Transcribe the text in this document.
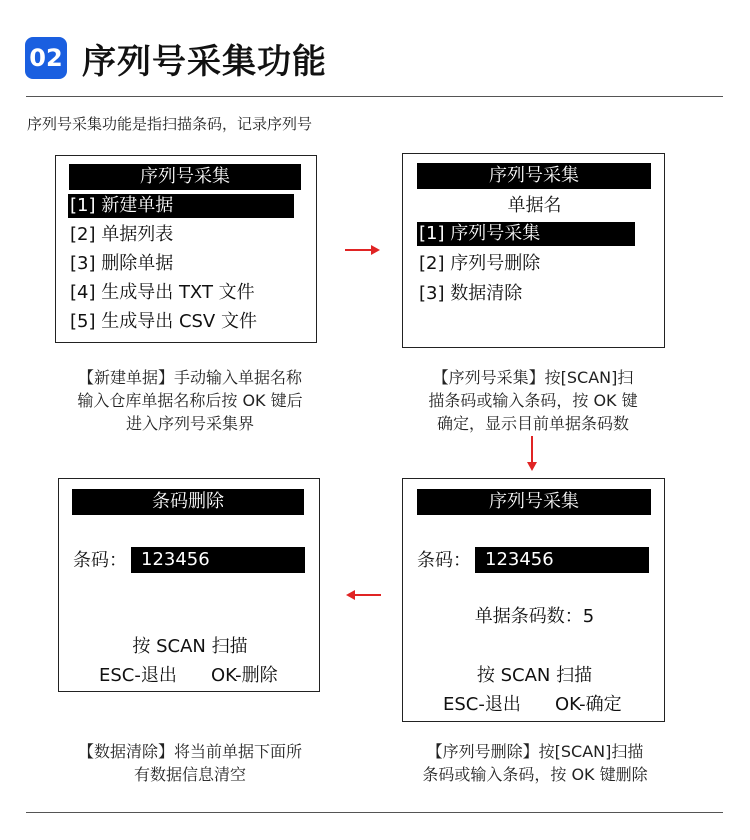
02 序列号采集功能
序列号采集功能是指扫描条码，记录序列号
序列号采集
[1] 新建单据
[2] 单据列表
[3] 删除单据
[4] 生成导出 TXT 文件
[5] 生成导出 CSV 文件
序列号采集
单据名
[1] 序列号采集
[2] 序列号删除
[3] 数据清除
【新建单据】手动输入单据名称
输入仓库单据名称后按 OK 键后
进入序列号采集界
【序列号采集】按[SCAN]扫
描条码或输入条码，按 OK 键
确定，显示目前单据条码数
条码删除
条码： 123456
按 SCAN 扫描
ESC-退出 OK-删除
序列号采集
条码： 123456
单据条码数：5
按 SCAN 扫描
ESC-退出 OK-确定
【数据清除】将当前单据下面所
有数据信息清空
【序列号删除】按[SCAN]扫描
条码或输入条码，按 OK 键删除
